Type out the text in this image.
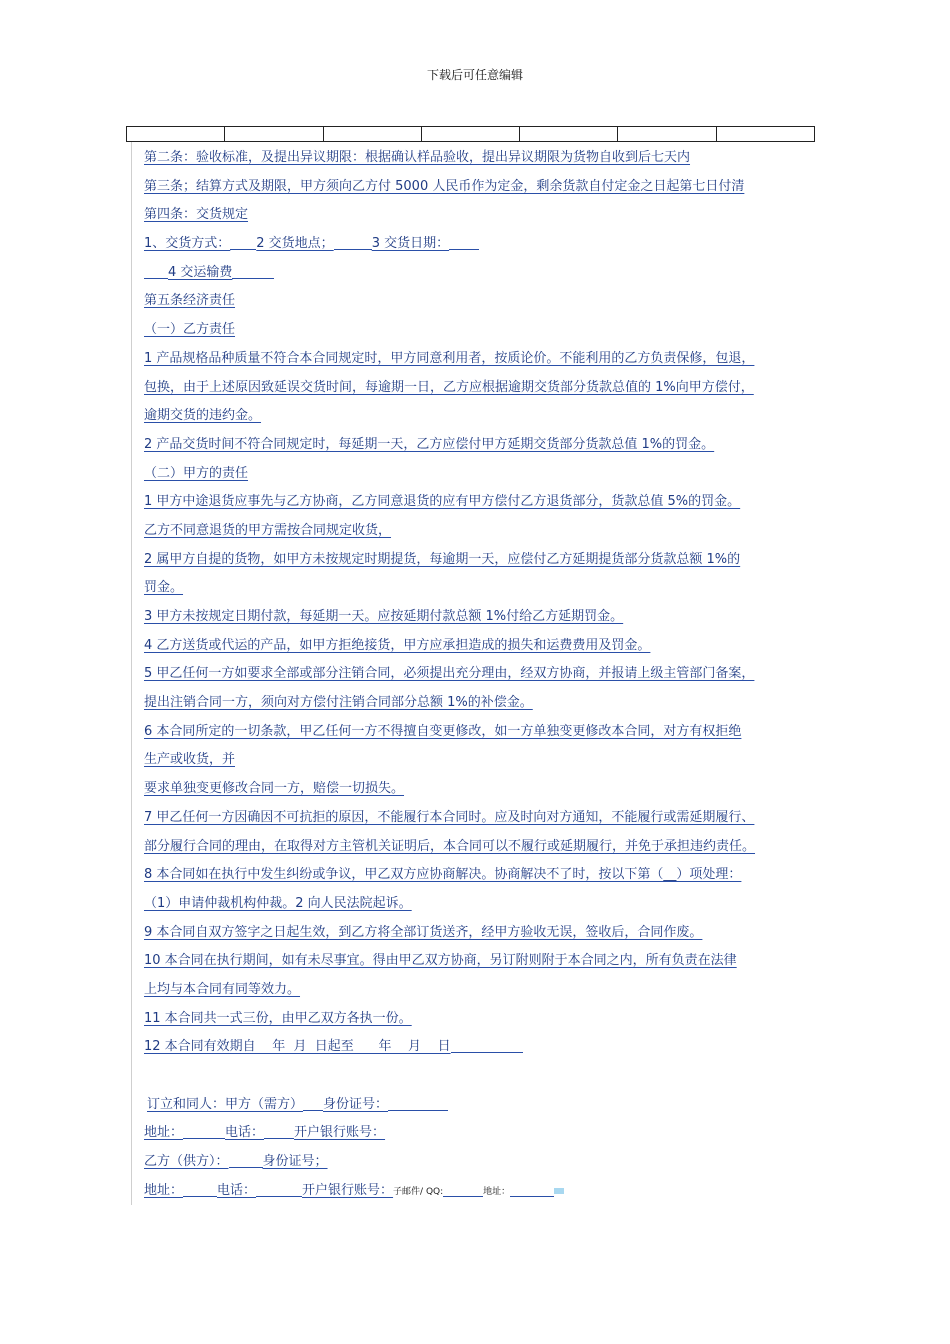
下载后可任意编辑
第二条：验收标准，及提出异议期限：根据确认样品验收，提出异议期限为货物自收到后七天内
第三条；结算方式及期限，甲方须向乙方付 5000 人民币作为定金，剩余货款自付定金之日起第七日付清
第四条：交货规定
1、交货方式： 2 交货地点；	3 交货日期：
4 交运输费
第五条经济责任
（一）乙方责任
1 产品规格品种质量不符合本合同规定时，甲方同意利用者，按质论价。不能利用的乙方负责保修，包退，
包换，由于上述原因致延误交货时间，每逾期一日，乙方应根据逾期交货部分货款总值的 1%向甲方偿付，
逾期交货的违约金。
2 产品交货时间不符合同规定时，每延期一天，乙方应偿付甲方延期交货部分货款总值 1%的罚金。
（二）甲方的责任
1 甲方中途退货应事先与乙方协商，乙方同意退货的应有甲方偿付乙方退货部分，货款总值 5%的罚金。
乙方不同意退货的甲方需按合同规定收货，
2 属甲方自提的货物，如甲方未按规定时期提货，每逾期一天，应偿付乙方延期提货部分货款总额 1%的
罚金。
3 甲方未按规定日期付款，每延期一天。应按延期付款总额 1%付给乙方延期罚金。
4 乙方送货或代运的产品，如甲方拒绝接货，甲方应承担造成的损失和运费费用及罚金。
5 甲乙任何一方如要求全部或部分注销合同，必须提出充分理由，经双方协商，并报请上级主管部门备案，
提出注销合同一方，须向对方偿付注销合同部分总额 1%的补偿金。
6 本合同所定的一切条款，甲乙任何一方不得擅自变更修改，如一方单独变更修改本合同，对方有权拒绝
生产或收货，并
要求单独变更修改合同一方，赔偿一切损失。
7 甲乙任何一方因确因不可抗拒的原因，不能履行本合同时。应及时向对方通知，不能履行或需延期履行、
部分履行合同的理由，在取得对方主管机关证明后，本合同可以不履行或延期履行，并免于承担违约责任。
8 本合同如在执行中发生纠纷或争议，甲乙双方应协商解决。协商解决不了时，按以下第（__）项处理：
（1）申请仲裁机构仲裁。2 向人民法院起诉。
9 本合同自双方签字之日起生效，到乙方将全部订货送齐，经甲方验收无误，签收后，合同作废。
10 本合同在执行期间，如有未尽事宜。得由甲乙双方协商，另订附则附于本合同之内，所有负责在法律
上均与本合同有同等效力。
11 本合同共一式三份，由甲乙双方各执一份。
12 本合同有效期自    年  月  日起至      年    月    日
订立和同人：甲方（需方） 身份证号：
地址：	电话： 开户银行账号：
乙方（供方）：	身份证号；
地址：	电话：	开户银行账号：子邮件/ QQ:	地址：
